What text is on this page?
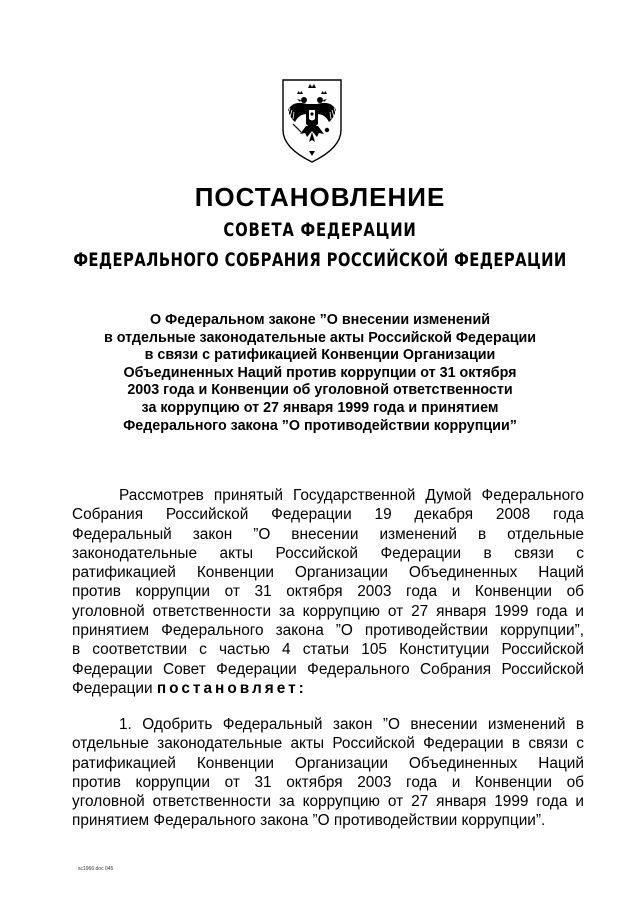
ПОСТАНОВЛЕНИЕ
СОВЕТА ФЕДЕРАЦИИ
ФЕДЕРАЛЬНОГО СОБРАНИЯ РОССИЙСКОЙ ФЕДЕРАЦИИ
О Федеральном законе ”О внесении изменений
в отдельные законодательные акты Российской Федерации
в связи с ратификацией Конвенции Организации
Объединенных Наций против коррупции от 31 октября
2003 года и Конвенции об уголовной ответственности
за коррупцию от 27 января 1999 года и принятием
Федерального закона ”О противодействии коррупции”
Рассмотрев принятый Государственной Думой Федерального
Собрания Российской Федерации 19 декабря 2008 года
Федеральный закон ”О внесении изменений в отдельные
законодательные акты Российской Федерации в связи с
ратификацией Конвенции Организации Объединенных Наций
против коррупции от 31 октября 2003 года и Конвенции об
уголовной ответственности за коррупцию от 27 января 1999 года и
принятием Федерального закона ”О противодействии коррупции”,
в соответствии с частью 4 статьи 105 Конституции Российской
Федерации Совет Федерации Федерального Собрания Российской
Федерации постановляет:
1. Одобрить Федеральный закон ”О внесении изменений в
отдельные законодательные акты Российской Федерации в связи с
ратификацией Конвенции Организации Объединенных Наций
против коррупции от 31 октября 2003 года и Конвенции об
уголовной ответственности за коррупцию от 27 января 1999 года и
принятием Федерального закона ”О противодействии коррупции”.
sc1966 doc 045
